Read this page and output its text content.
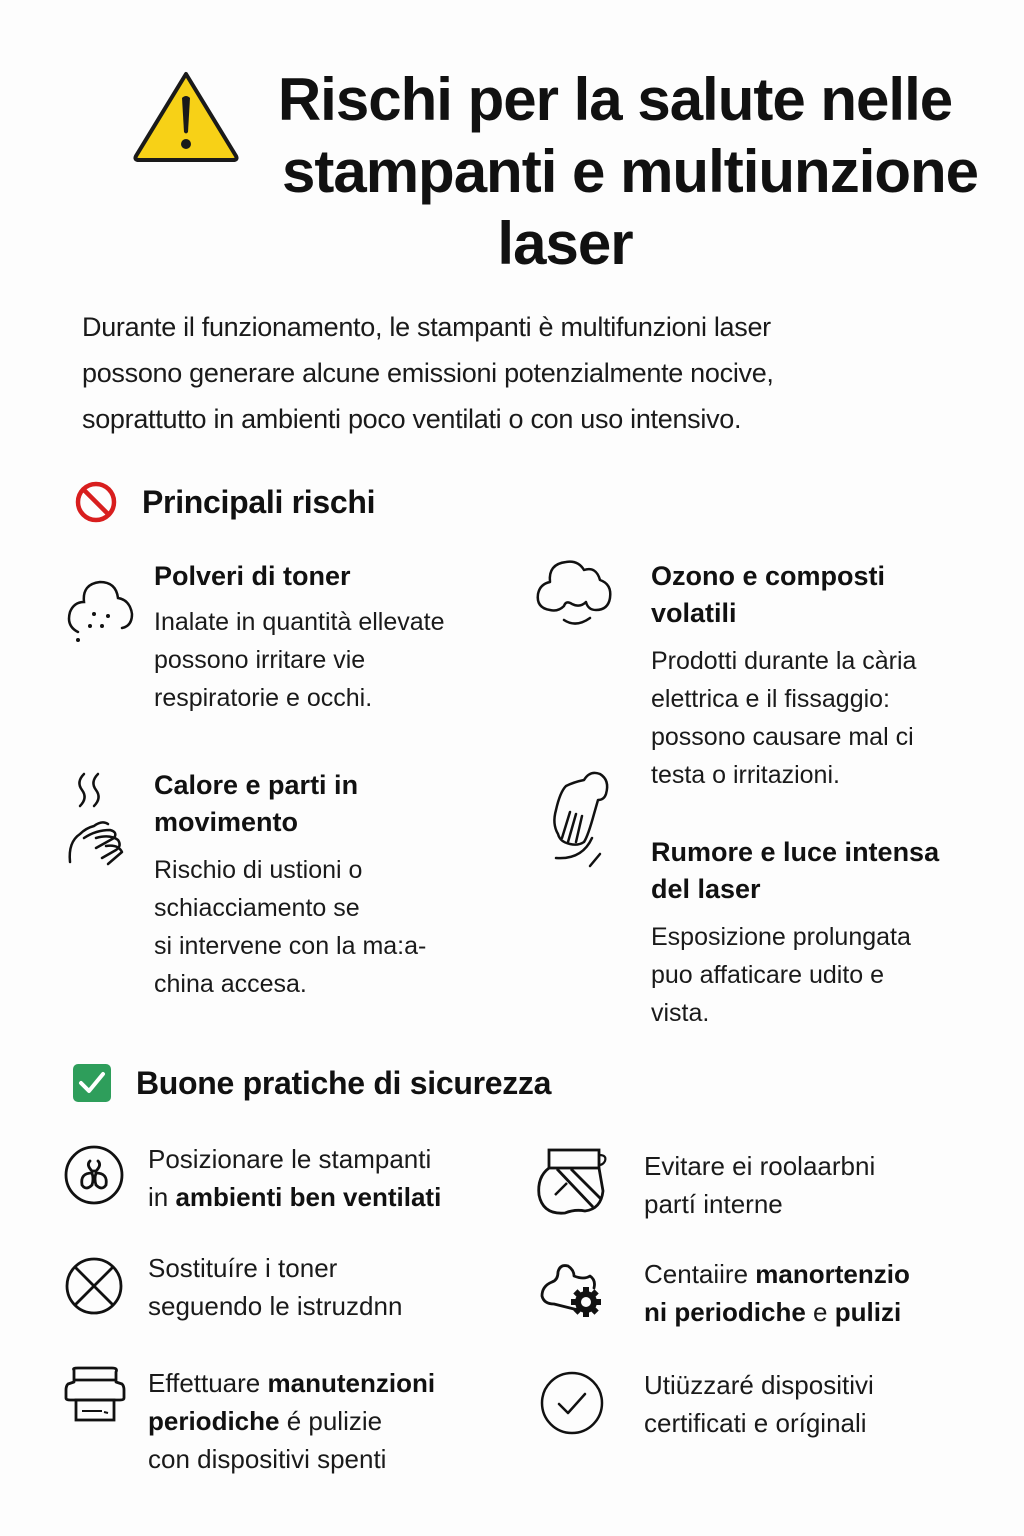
Rischi per la salute nelle
stampanti e multiunzione
laser
Durante il funzionamento, le stampanti è multifunzioni laser
possono generare alcune emissioni potenzialmente nocive,
soprattutto in ambienti poco ventilati o con uso intensivo.
Principali rischi
Polveri di toner
Inalate in quantità ellevate
possono irritare vie
respiratorie e occhi.
Ozono e composti
volatili
Prodotti durante la cària
elettrica e il fissaggio:
possono causare mal ci
testa o irritazioni.
Calore e parti in
movimento
Rischio di ustioni o
schiacciamento se
si intervene con la ma:a-
china accesa.
Rumore e luce intensa
del laser
Esposizione prolungata
puo affaticare udito e
vista.
Buone pratiche di sicurezza
Posizionare le stampanti
in ambienti ben ventilati
Evitare ei roolaarbni
partí interne
Sostituíre i toner
seguendo le istruzdnn
Centaiire manortenzio
ni periodiche e pulizi
Effettuare manutenzioni
periodiche é pulizie
con dispositivi spenti
Utiüzzaré dispositivi
certificati e oríginali
